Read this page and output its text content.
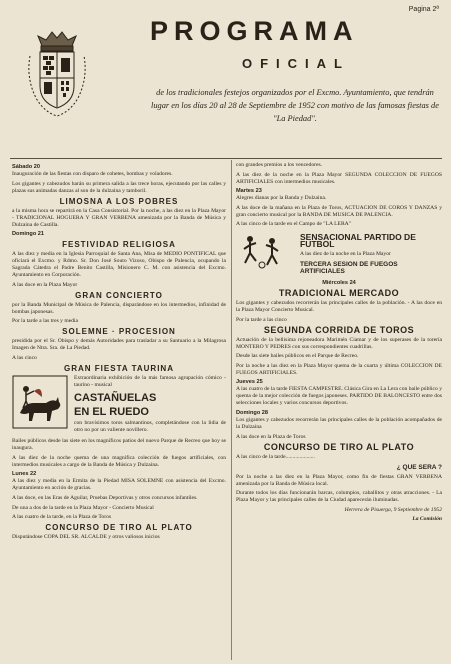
Pagina 2ª
PROGRAMA
OFICIAL
de los tradicionales festejos organizados por el Excmo. Ayuntamiento, que tendrán lugar en los días 20 al 28 de Septiembre de 1952 con motivo de las famosas fiestas de "La Piedad".
Sábado 20

Inauguración de las fiestas con disparo de cohetes, bombas y voladores.

Los gigantes y cabezudos harán su primera salida a las trece horas, ejecutando por las calles y plazas sus animadas danzas al son de la dulzaina y tamboril.

LIMOSNA A LOS POBRES

a la misma hora se repartirá en la Casa Consistorial. Por la noche, a las diez en la Plaza Mayor - TRADICIONAL HOGUERA Y GRAN VERBENA amenizada por la Banda de Música y Dulzaina de Castilla.

Domingo 21
FESTIVIDAD RELIGIOSA

A las diez y media en la Iglesia Parroquial de Santa Ana, Misa de MEDIO PONTIFICAL que oficiará el Excmo. y Rdmo. Sr. Don José Souto Vizoso, Obispo de Palencia, ocupando la Sagrada Cátedra el Padre Benito Castilla, Misionero C. M. con asistencia del Excmo. Ayuntamiento en Corporación.

A las doce en la Plaza Mayor

GRAN CONCIERTO

por la Banda Municipal de Música de Palencia, disparándose en los intermedios, infinidad de bombas japonesas.

Por la tarde a las tres y media

SOLEMNE · PROCESION

presidida por el Sr. Obispo y demás Autoridades para trasladar a su Santuario a la Milagrosa Imagen de Ntra. Sra. de La Piedad.

A las cinco

GRAN FIESTA TAURINA

Extraordinaria exhibición de la más famosa agrupación cómico - taurino - musical

CASTAÑUELAS
EN EL RUEDO

con bravísimos toros salmantinos, completándose con la lidia de otro no por un valiente novillero.

Bailes públicos desde las siete en los magníficos patios del nuevo Parque de Recreo que hoy se inaugura.

A las diez de la noche quema de una magnífica colección de fuegos artificiales, con intermedios musicales a cargo de la Banda de Música y Dulzaina.

Lunes 22

A las diez y media en la Ermita de la Piedad MISA SOLEMNE con asistencia del Excmo. Ayuntamiento en acción de gracias.

A las doce, en las Eras de Aguilar, Pruebas Deportivas y otros concursos infantiles.

De una a dos de la tarde en la Plaza Mayor - Concierto Musical

A las cuatro de la tarde, en la Plaza de Toros

CONCURSO DE TIRO AL PLATO

Disputándose COPA DEL SR. ALCALDE y otros valiosos inicios

con grandes premios a los vencedores.

A las diez de la noche en la Plaza Mayor SEGUNDA COLECCION DE FUEGOS ARTIFICIALES con intermedios musicales.

Martes 23

Alegres dianas por la Banda y Dulzaina.

A las doce de la mañana en la Plaza de Toros, ACTUACION DE COROS Y DANZAS y gran concierto musical por la BANDA DE MUSICA DE PALENCIA.

A las cinco de la tarde en el Campo de "LA LERA"

SENSACIONAL PARTIDO DE FUTBOL

A las diez de la noche en la Plaza Mayor

TERCERA SESION DE FUEGOS ARTIFICIALES
Miércoles 24
TRADICIONAL MERCADO

Los gigantes y cabezudos recorrerán las principales calles de la población. - A las doce en la Plaza Mayor Concierto Musical.

Por la tarde a las cinco

SEGUNDA CORRIDA DE TOROS

Actuación de la bellísima rejoneadora Marimén Ciamar y de los superases de la torería MONTERO Y PEDRES con sus correspondientes cuadrillas.

Desde las siete bailes públicos en el Parque de Recreo.

Por la noche a las diez en la Plaza Mayor quema de la cuarta y última COLECCION DE FUEGOS ARTIFICIALES.

Jueves 25

A las cuatro de la tarde FIESTA CAMPESTRE. Clásica Gira en La Lera con baile público y quema de la mejor colección de fuegos japoneses. PARTIDO DE BALONCESTO entre dos selecciones locales y varios concursos deportivos.

Domingo 28

Los gigantes y cabezudos recorrerán las principales calles de la población acompañados de la Dulzaina

A las doce en la Plaza de Toros

CONCURSO DE TIRO AL PLATO

A las cinco de la tarde.....................

¿ QUE SERA ?

Por la noche a las diez en la Plaza Mayor, como fin de fiestas GRAN VERBENA amenizada por la Banda de Música local.

Durante todos los días funcionarán barcas, columpios, caballitos y otras atracciones. - La Plaza Mayor y las principales calles de la Ciudad aparecerán iluminadas.

Herrera de Pisuerga, 9 Septiembre de 1952

La Comisión
